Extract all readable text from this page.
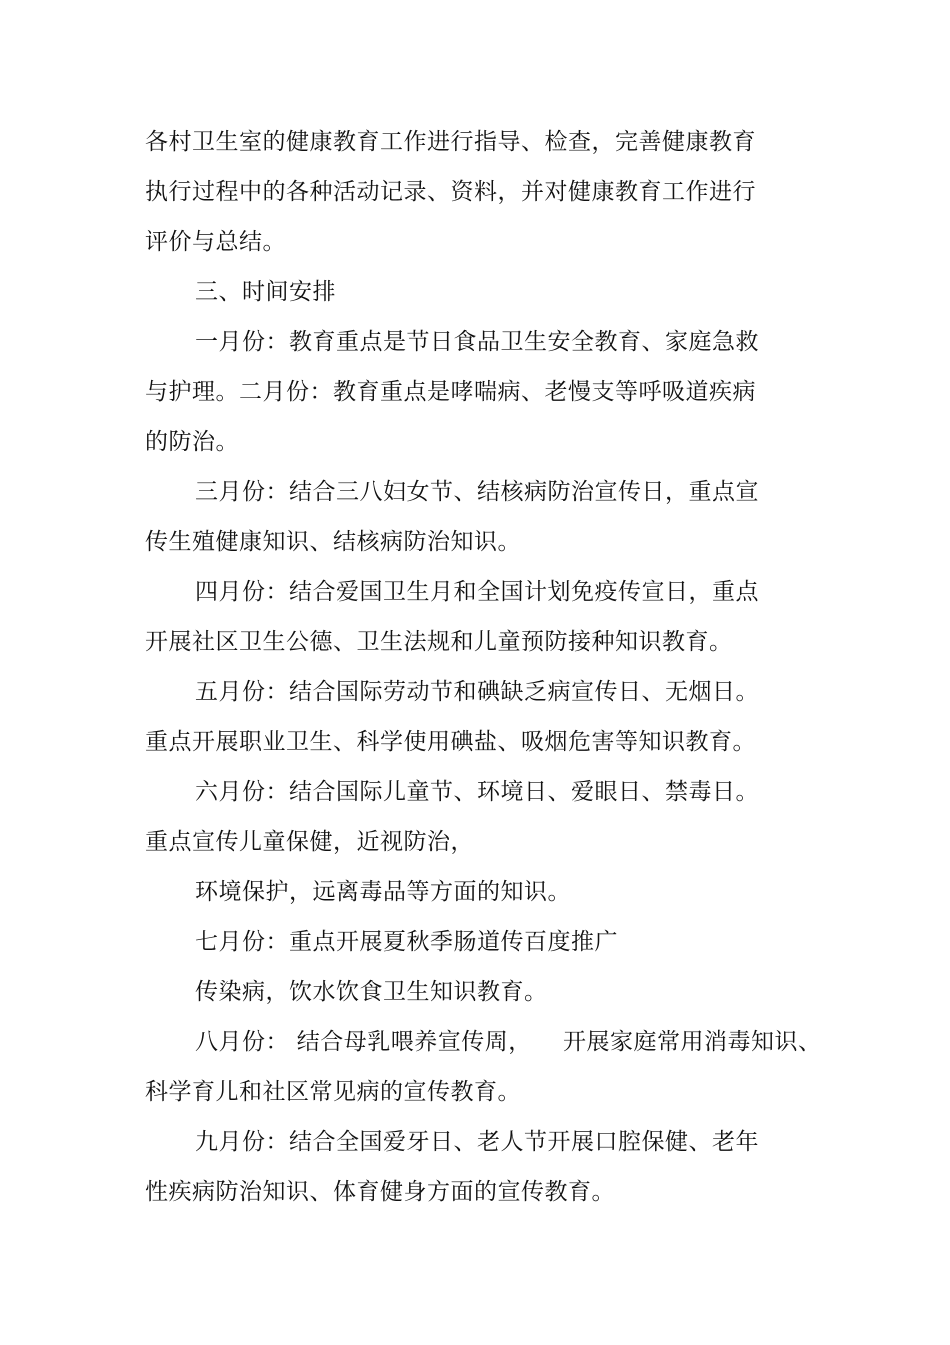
各村卫生室的健康教育工作进行指导、检查，完善健康教育
执行过程中的各种活动记录、资料，并对健康教育工作进行
评价与总结。
三、时间安排
一月份：教育重点是节日食品卫生安全教育、家庭急救
与护理。二月份：教育重点是哮喘病、老慢支等呼吸道疾病
的防治。
三月份：结合三八妇女节、结核病防治宣传日，重点宣
传生殖健康知识、结核病防治知识。
四月份：结合爱国卫生月和全国计划免疫传宣日，重点
开展社区卫生公德、卫生法规和儿童预防接种知识教育。
五月份：结合国际劳动节和碘缺乏病宣传日、无烟日。
重点开展职业卫生、科学使用碘盐、吸烟危害等知识教育。
六月份：结合国际儿童节、环境日、爱眼日、禁毒日。
重点宣传儿童保健，近视防治，
环境保护，远离毒品等方面的知识。
七月份：重点开展夏秋季肠道传百度推广
传染病，饮水饮食卫生知识教育。
八月份： 结合母乳喂养宣传周，    开展家庭常用消毒知识、
科学育儿和社区常见病的宣传教育。
九月份：结合全国爱牙日、老人节开展口腔保健、老年
性疾病防治知识、体育健身方面的宣传教育。
